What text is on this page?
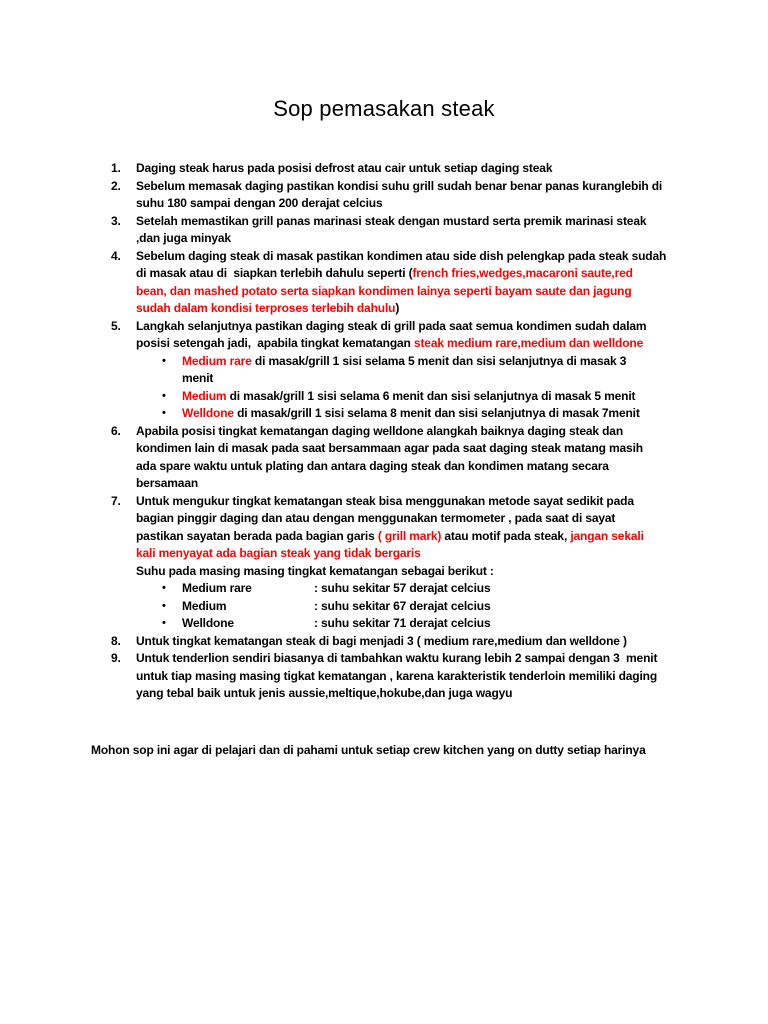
Sop pemasakan steak
1. Daging steak harus pada posisi defrost atau cair untuk setiap daging steak
2. Sebelum memasak daging pastikan kondisi suhu grill sudah benar benar panas kuranglebih di
suhu 180 sampai dengan 200 derajat celcius
3. Setelah memastikan grill panas marinasi steak dengan mustard serta premik marinasi steak
,dan juga minyak
4. Sebelum daging steak di masak pastikan kondimen atau side dish pelengkap pada steak sudah
di masak atau di  siapkan terlebih dahulu seperti (french fries,wedges,macaroni saute,red
bean, dan mashed potato serta siapkan kondimen lainya seperti bayam saute dan jagung
sudah dalam kondisi terproses terlebih dahulu)
5. Langkah selanjutnya pastikan daging steak di grill pada saat semua kondimen sudah dalam
posisi setengah jadi,  apabila tingkat kematangan steak medium rare,medium dan welldone
• Medium rare di masak/grill 1 sisi selama 5 menit dan sisi selanjutnya di masak 3
menit
• Medium di masak/grill 1 sisi selama 6 menit dan sisi selanjutnya di masak 5 menit
• Welldone di masak/grill 1 sisi selama 8 menit dan sisi selanjutnya di masak 7menit
6. Apabila posisi tingkat kematangan daging welldone alangkah baiknya daging steak dan
kondimen lain di masak pada saat bersammaan agar pada saat daging steak matang masih
ada spare waktu untuk plating dan antara daging steak dan kondimen matang secara
bersamaan
7. Untuk mengukur tingkat kematangan steak bisa menggunakan metode sayat sedikit pada
bagian pinggir daging dan atau dengan menggunakan termometer , pada saat di sayat
pastikan sayatan berada pada bagian garis ( grill mark) atau motif pada steak, jangan sekali
kali menyayat ada bagian steak yang tidak bergaris
Suhu pada masing masing tingkat kematangan sebagai berikut :
• Medium rare	: suhu sekitar 57 derajat celcius
• Medium	: suhu sekitar 67 derajat celcius
• Welldone	: suhu sekitar 71 derajat celcius
8. Untuk tingkat kematangan steak di bagi menjadi 3 ( medium rare,medium dan welldone )
9. Untuk tenderlion sendiri biasanya di tambahkan waktu kurang lebih 2 sampai dengan 3  menit
untuk tiap masing masing tigkat kematangan , karena karakteristik tenderloin memiliki daging
yang tebal baik untuk jenis aussie,meltique,hokube,dan juga wagyu
Mohon sop ini agar di pelajari dan di pahami untuk setiap crew kitchen yang on dutty setiap harinya
